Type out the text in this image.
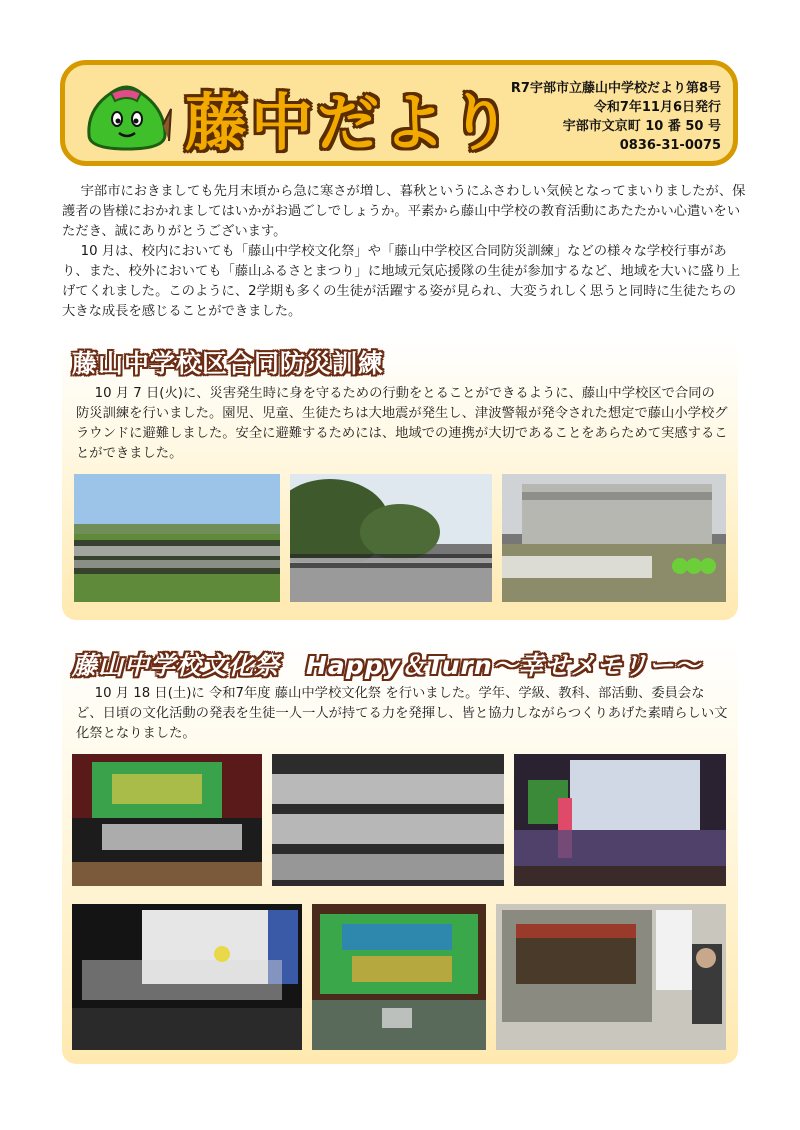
藤中だより
R7宇部市立藤山中学校だより第8号
令和7年11月6日発行
宇部市文京町 10 番 50 号
0836-31-0075

宇部市におきましても先月末頃から急に寒さが増し、暮秋というにふさわしい気候となってまいりましたが、保護者の皆様におかれましてはいかがお過ごしでしょうか。平素から藤山中学校の教育活動にあたたかい心遣いをいただき、誠にありがとうございます。

10 月は、校内においても「藤山中学校文化祭」や「藤山中学校区合同防災訓練」などの様々な学校行事があり、また、校外においても「藤山ふるさとまつり」に地域元気応援隊の生徒が参加するなど、地域を大いに盛り上げてくれました。このように、2学期も多くの生徒が活躍する姿が見られ、大変うれしく思うと同時に生徒たちの大きな成長を感じることができました。

藤山中学校区合同防災訓練

10 月 7 日(火)に、災害発生時に身を守るための行動をとることができるように、藤山中学校区で合同の防災訓練を行いました。園児、児童、生徒たちは大地震が発生し、津波警報が発令された想定で藤山小学校グラウンドに避難しました。安全に避難するためには、地域での連携が大切であることをあらためて実感することができました。

藤山中学校文化祭　Happy＆Turn～幸せメモリー～

10 月 18 日(土)に 令和7年度 藤山中学校文化祭 を行いました。学年、学級、教科、部活動、委員会など、日頃の文化活動の発表を生徒一人一人が持てる力を発揮し、皆と協力しながらつくりあげた素晴らしい文化祭となりました。
